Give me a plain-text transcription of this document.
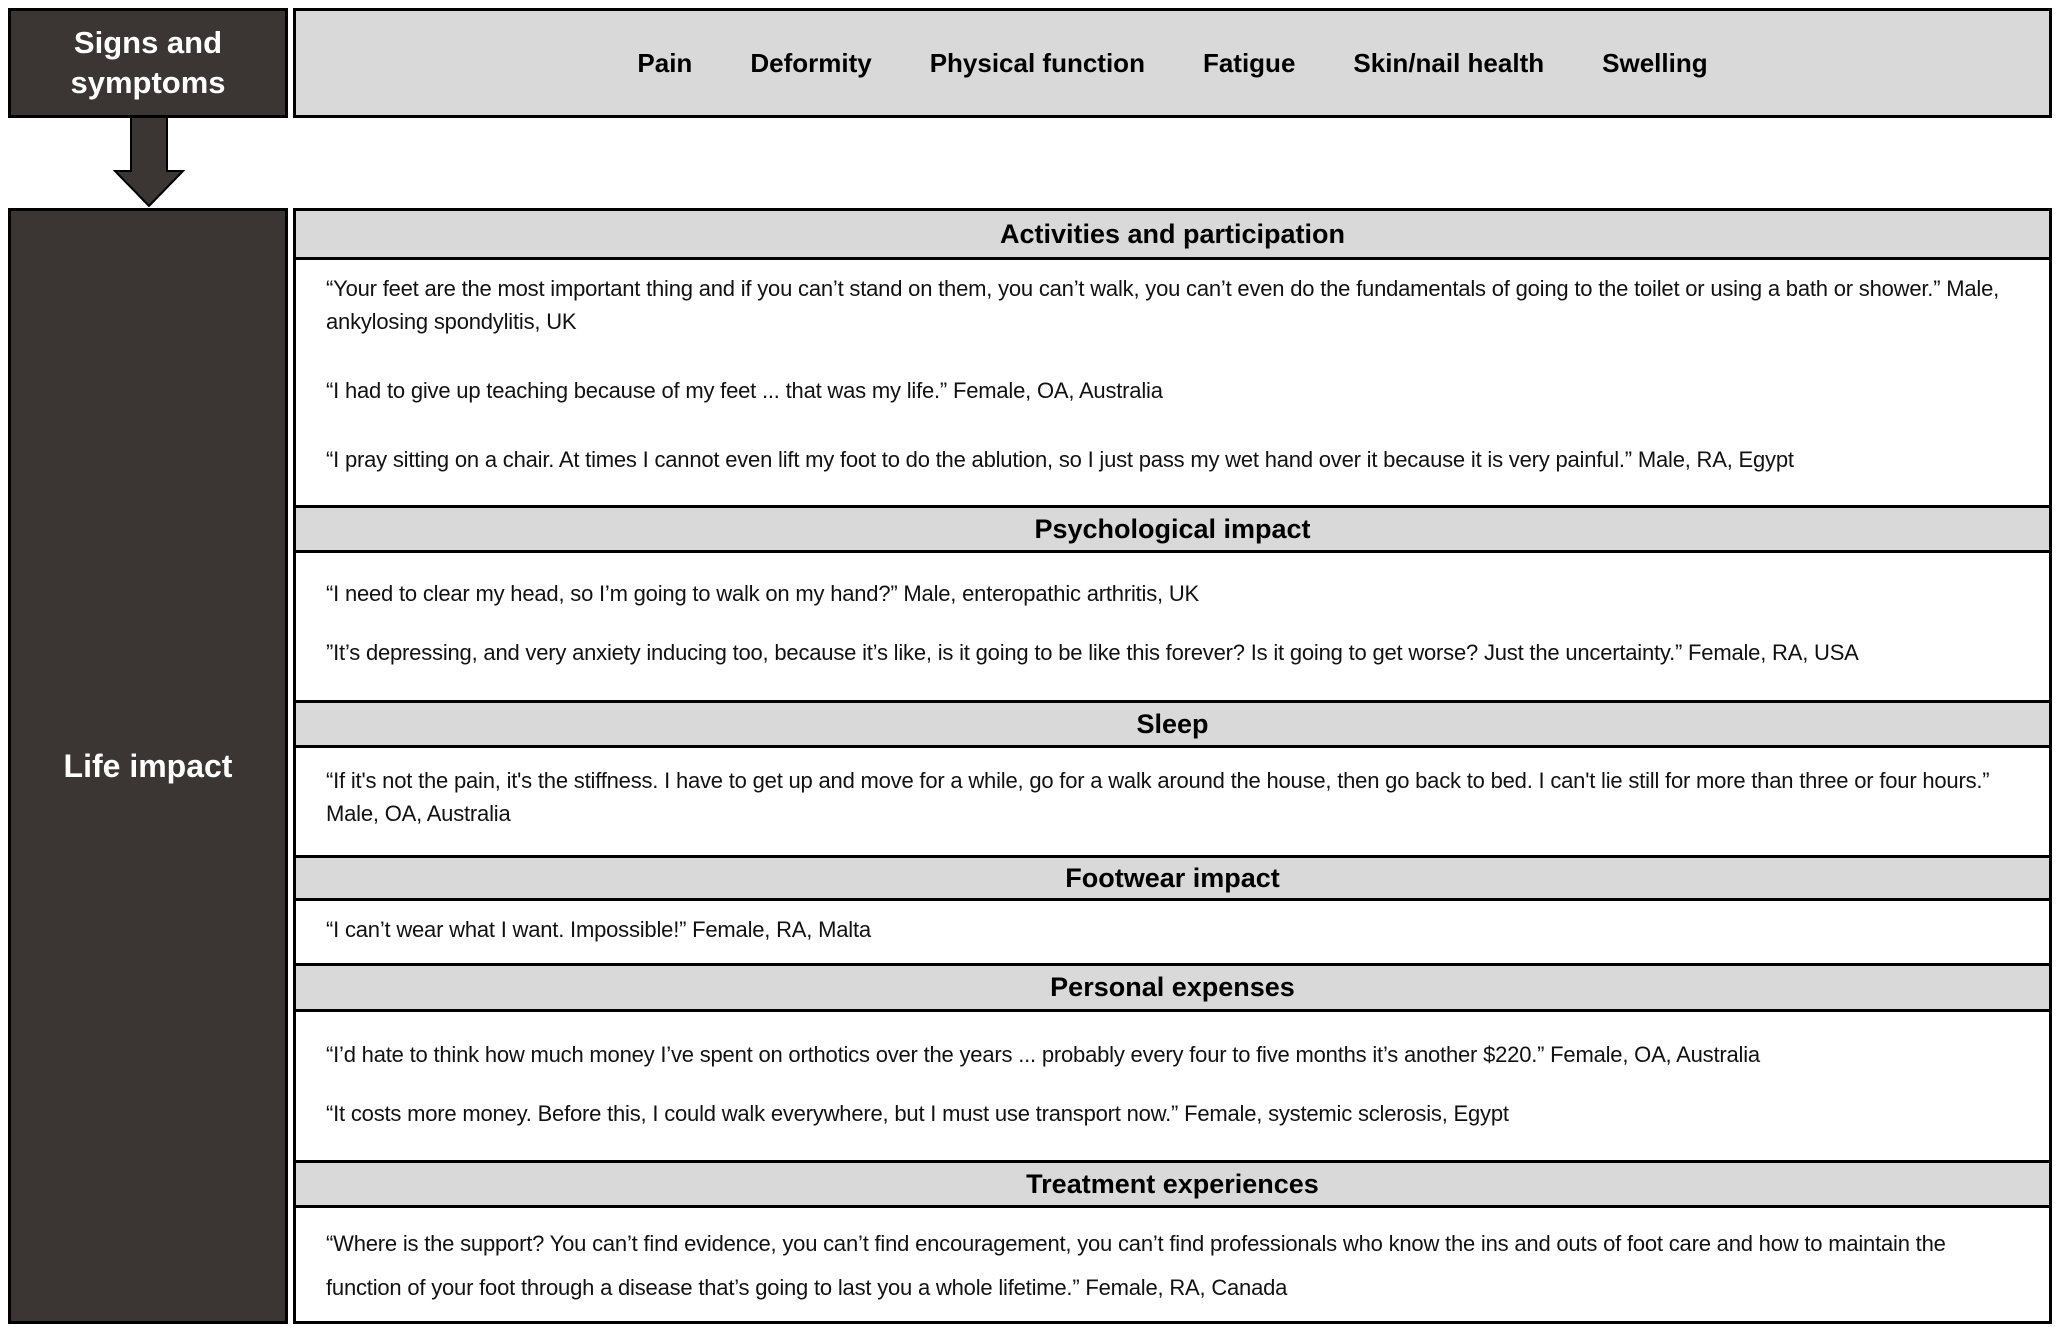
Signs and symptoms
Pain Deformity Physical function Fatigue Skin/nail health Swelling
Life impact
Activities and participation
“Your feet are the most important thing and if you can’t stand on them, you can’t walk, you can’t even do the fundamentals of going to the toilet or using a bath or shower.” Male, ankylosing spondylitis, UK
“I had to give up teaching because of my feet ... that was my life.” Female, OA, Australia
“I pray sitting on a chair. At times I cannot even lift my foot to do the ablution, so I just pass my wet hand over it because it is very painful.” Male, RA, Egypt
Psychological impact
“I need to clear my head, so I’m going to walk on my hand?” Male, enteropathic arthritis, UK
”It’s depressing, and very anxiety inducing too, because it’s like, is it going to be like this forever? Is it going to get worse? Just the uncertainty.” Female, RA, USA
Sleep
“If it's not the pain, it's the stiffness. I have to get up and move for a while, go for a walk around the house, then go back to bed. I can't lie still for more than three or four hours.” Male, OA, Australia
Footwear impact
“I can’t wear what I want. Impossible!” Female, RA, Malta
Personal expenses
“I’d hate to think how much money I’ve spent on orthotics over the years ... probably every four to five months it’s another $220.” Female, OA, Australia
“It costs more money. Before this, I could walk everywhere, but I must use transport now.” Female, systemic sclerosis, Egypt
Treatment experiences
“Where is the support? You can’t find evidence, you can’t find encouragement, you can’t find professionals who know the ins and outs of foot care and how to maintain the function of your foot through a disease that’s going to last you a whole lifetime.” Female, RA, Canada
